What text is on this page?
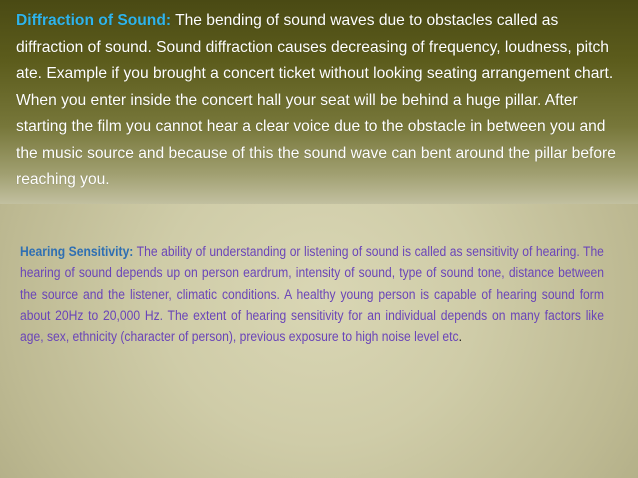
Diffraction of Sound: The bending of sound waves due to obstacles called as diffraction of sound. Sound diffraction causes decreasing of frequency, loudness, pitch ate. Example if you brought a concert ticket without looking seating arrangement chart. When you enter inside the concert hall your seat will be behind a huge pillar. After starting the film you cannot hear a clear voice due to the obstacle in between you and the music source and because of this the sound wave can bent around the pillar before reaching you.

Hearing Sensitivity: The ability of understanding or listening of sound is called as sensitivity of hearing. The hearing of sound depends up on person eardrum, intensity of sound, type of sound tone, distance between the source and the listener, climatic conditions. A healthy young person is capable of hearing sound form about 20Hz to 20,000 Hz. The extent of hearing sensitivity for an individual depends on many factors like age, sex, ethnicity (character of person), previous exposure to high noise level etc.
